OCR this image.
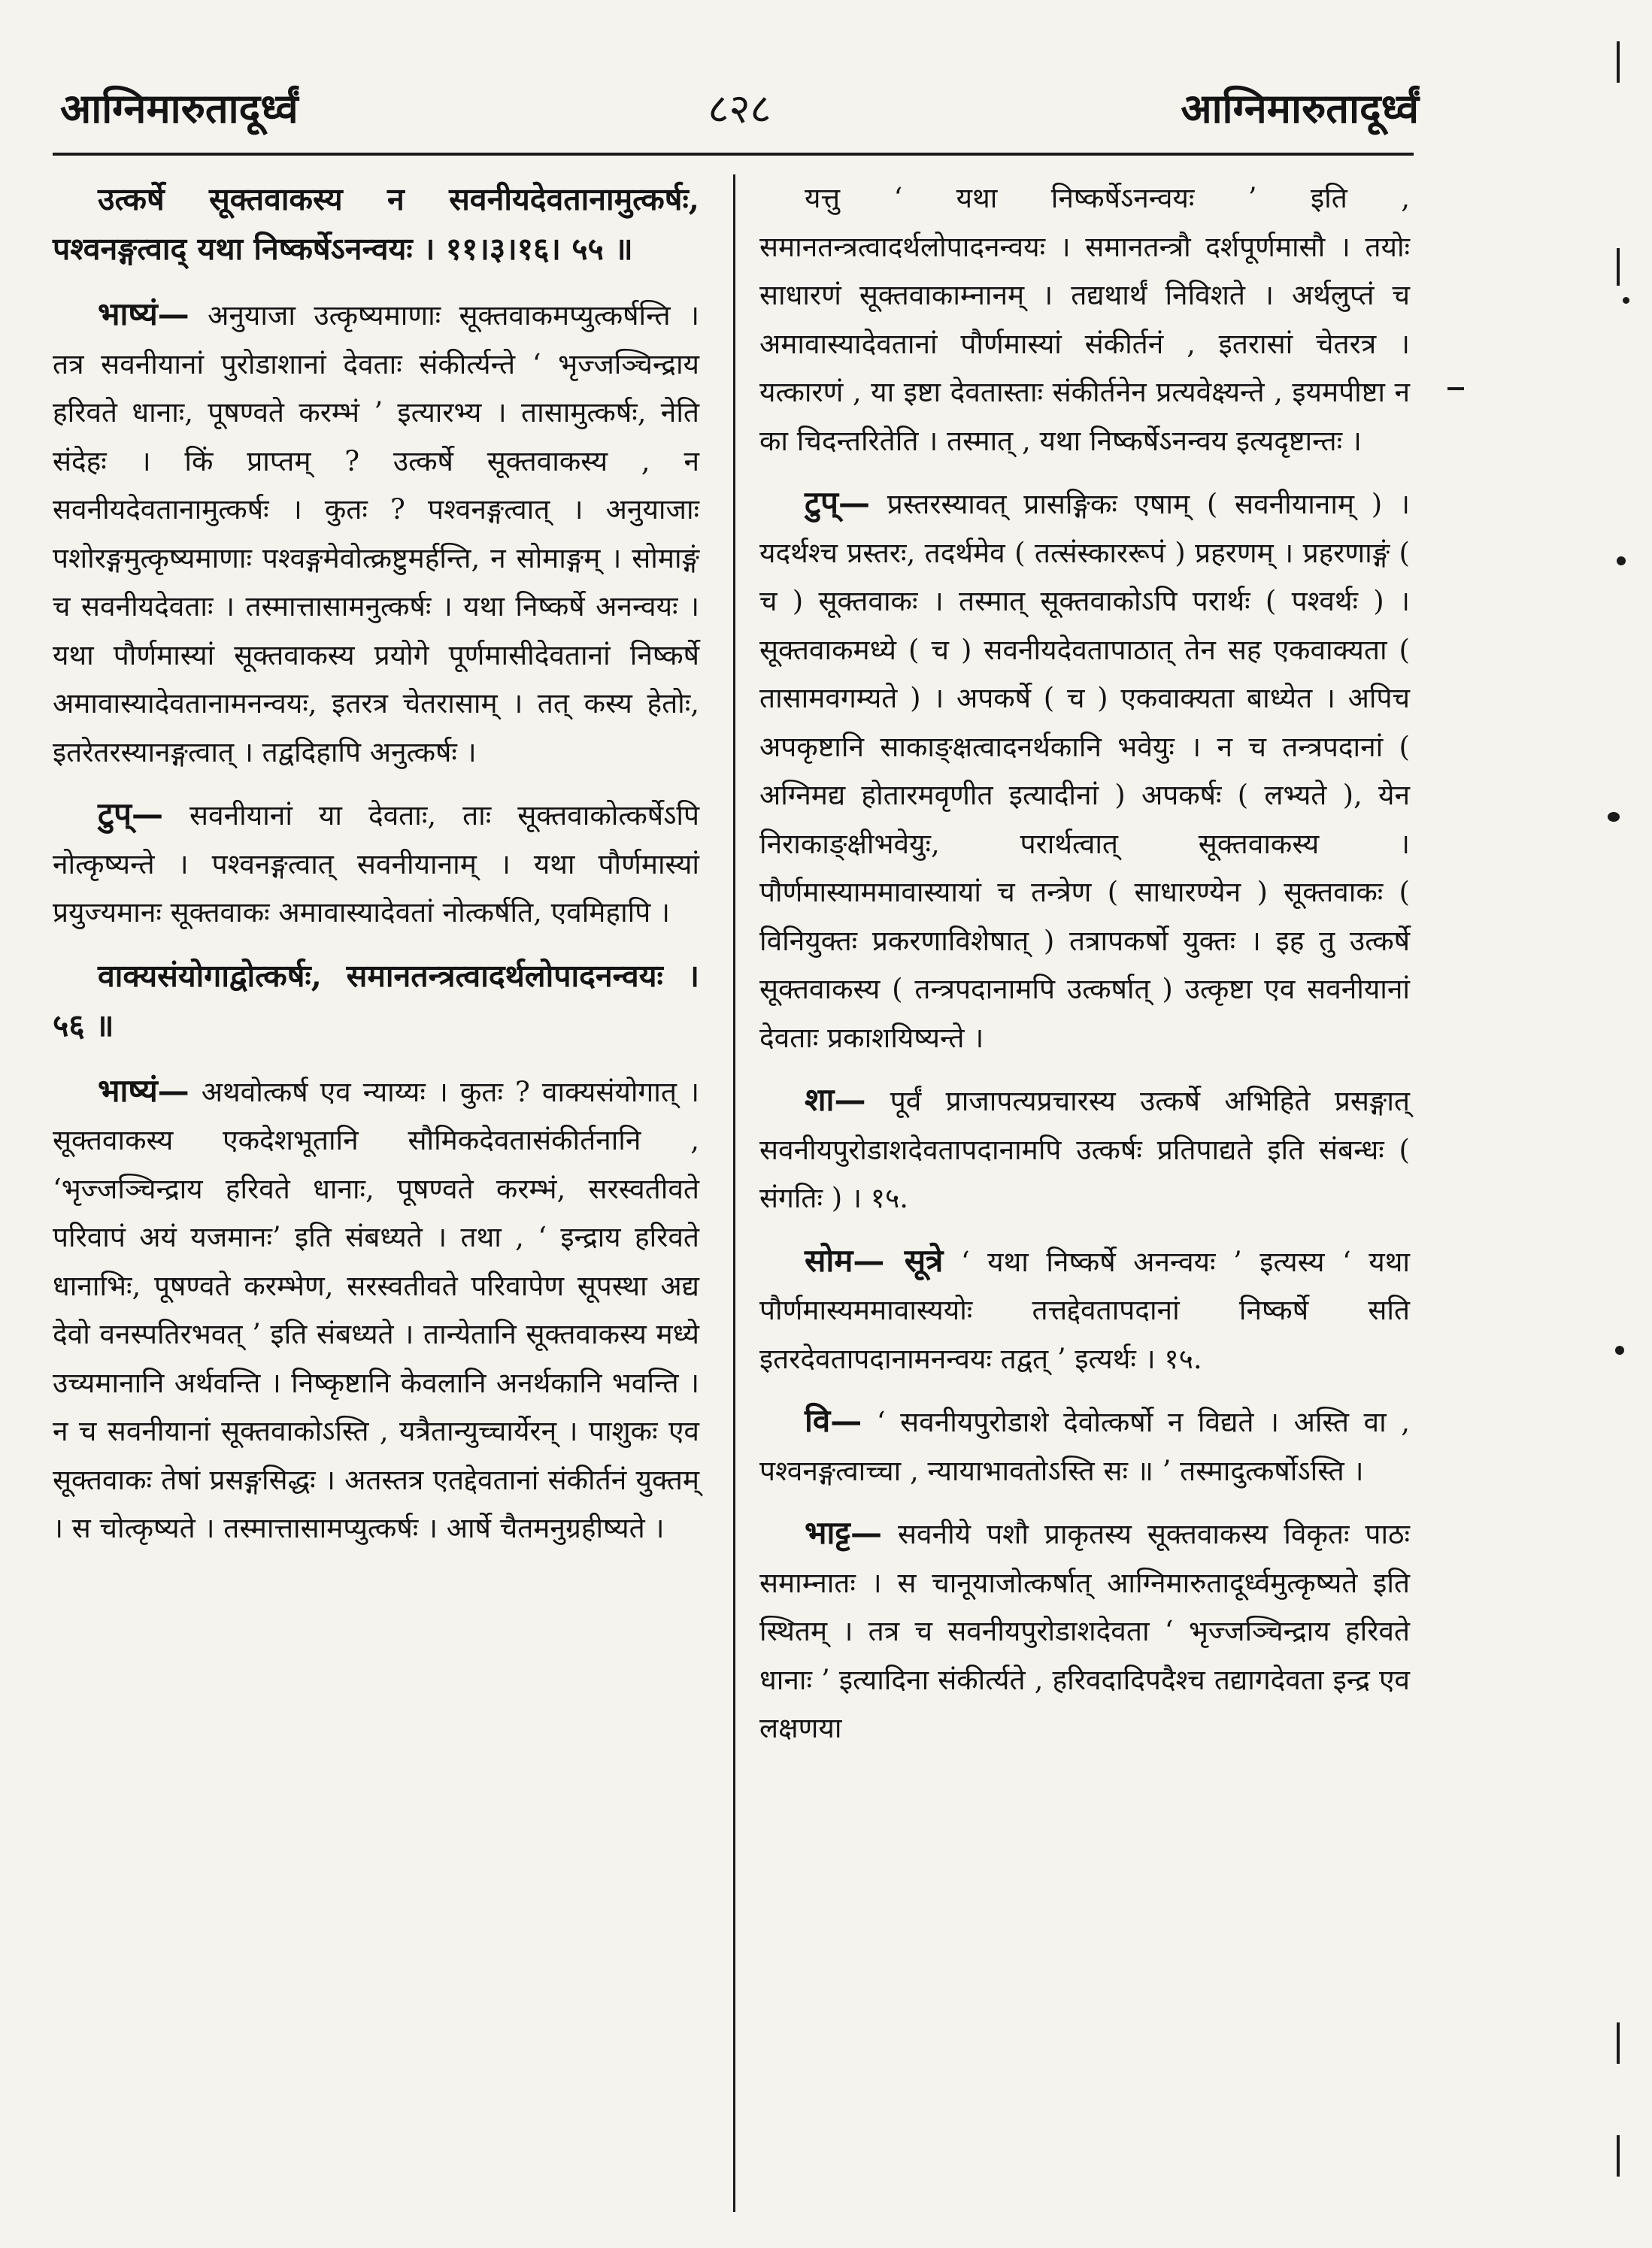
आग्निमारुतादूर्ध्वं	८२८	आग्निमारुतादूर्ध्वं

उत्कर्षे सूक्तवाकस्य न सवनीयदेवतानामुत्कर्षः, पश्वनङ्गत्वाद् यथा निष्कर्षेऽनन्वयः । ११।३।१६। ५५ ॥

भाष्यं— अनुयाजा उत्कृष्यमाणाः सूक्तवाकमप्युत्कर्षन्ति । तत्र सवनीयानां पुरोडाशानां देवताः संकीर्त्यन्ते ‘ भृज्जञ्चिन्द्राय हरिवते धानाः, पूषण्वते करम्भं ’ इत्यारभ्य । तासामुत्कर्षः, नेति संदेहः । किं प्राप्तम् ? उत्कर्षे सूक्तवाकस्य , न सवनीयदेवतानामुत्कर्षः । कुतः ? पश्वनङ्गत्वात् । अनुयाजाः पशोरङ्गमुत्कृष्यमाणाः पश्वङ्गमेवोत्क्रष्टुमर्हन्ति, न सोमाङ्गम् । सोमाङ्गं च सवनीयदेवताः । तस्मात्तासामनुत्कर्षः । यथा निष्कर्षे अनन्वयः । यथा पौर्णमास्यां सूक्तवाकस्य प्रयोगे पूर्णमासीदेवतानां निष्कर्षे अमावास्यादेवतानामनन्वयः, इतरत्र चेतरासाम् । तत् कस्य हेतोः, इतरेतरस्यानङ्गत्वात् । तद्वदिहापि अनुत्कर्षः ।

टुप्— सवनीयानां या देवताः, ताः सूक्तवाकोत्कर्षेऽपि नोत्कृष्यन्ते । पश्वनङ्गत्वात् सवनीयानाम् । यथा पौर्णमास्यां प्रयुज्यमानः सूक्तवाकः अमावास्यादेवतां नोत्कर्षति, एवमिहापि ।

वाक्यसंयोगाद्वोत्कर्षः, समानतन्त्रत्वादर्थलोपादनन्वयः । ५६ ॥

भाष्यं— अथवोत्कर्ष एव न्याय्यः । कुतः ? वाक्यसंयोगात् । सूक्तवाकस्य एकदेशभूतानि सौमिकदेवतासंकीर्तनानि , ‘भृज्जञ्चिन्द्राय हरिवते धानाः, पूषण्वते करम्भं, सरस्वतीवते परिवापं अयं यजमानः’ इति संबध्यते । तथा , ‘ इन्द्राय हरिवते धानाभिः, पूषण्वते करम्भेण, सरस्वतीवते परिवापेण सूपस्था अद्य देवो वनस्पतिरभवत् ’ इति संबध्यते । तान्येतानि सूक्तवाकस्य मध्ये उच्यमानानि अर्थवन्ति । निष्कृष्टानि केवलानि अनर्थकानि भवन्ति । न च सवनीयानां सूक्तवाकोऽस्ति , यत्रैतान्युच्चार्येरन् । पाशुकः एव सूक्तवाकः तेषां प्रसङ्गसिद्धः । अतस्तत्र एतद्देवतानां संकीर्तनं युक्तम् । स चोत्कृष्यते । तस्मात्तासामप्युत्कर्षः । आर्षे चैतमनुग्रहीष्यते ।

यत्तु ‘ यथा निष्कर्षेऽनन्वयः ’ इति , समानतन्त्रत्वादर्थलोपादनन्वयः । समानतन्त्रौ दर्शपूर्णमासौ । तयोः साधारणं सूक्तवाकाम्नानम् । तद्यथार्थं निविशते । अर्थलुप्तं च अमावास्यादेवतानां पौर्णमास्यां संकीर्तनं , इतरासां चेतरत्र । यत्कारणं , या इष्टा देवतास्ताः संकीर्तनेन प्रत्यवेक्ष्यन्ते , इयमपीष्टा न का चिदन्तरितेति । तस्मात् , यथा निष्कर्षेऽनन्वय इत्यदृष्टान्तः ।

टुप्— प्रस्तरस्यावत् प्रासङ्गिकः एषाम् ( सवनीयानाम् ) । यदर्थश्च प्रस्तरः, तदर्थमेव ( तत्संस्काररूपं ) प्रहरणम् । प्रहरणाङ्गं ( च ) सूक्तवाकः । तस्मात् सूक्तवाकोऽपि परार्थः ( पश्वर्थः ) । सूक्तवाकमध्ये ( च ) सवनीयदेवतापाठात् तेन सह एकवाक्यता ( तासामवगम्यते ) । अपकर्षे ( च ) एकवाक्यता बाध्येत । अपिच अपकृष्टानि साकाङ्क्षत्वादनर्थकानि भवेयुः । न च तन्त्रपदानां ( अग्निमद्य होतारमवृणीत इत्यादीनां ) अपकर्षः ( लभ्यते ), येन निराकाङ्क्षीभवेयुः, परार्थत्वात् सूक्तवाकस्य । पौर्णमास्याममावास्यायां च तन्त्रेण ( साधारण्येन ) सूक्तवाकः ( विनियुक्तः प्रकरणाविशेषात् ) तत्रापकर्षो युक्तः । इह तु उत्कर्षे सूक्तवाकस्य ( तन्त्रपदानामपि उत्कर्षात् ) उत्कृष्टा एव सवनीयानां देवताः प्रकाशयिष्यन्ते ।

शा— पूर्वं प्राजापत्यप्रचारस्य उत्कर्षे अभिहिते प्रसङ्गात् सवनीयपुरोडाशदेवतापदानामपि उत्कर्षः प्रतिपाद्यते इति संबन्धः ( संगतिः ) । १५.

सोम— सूत्रे ‘ यथा निष्कर्षे अनन्वयः ’ इत्यस्य ‘ यथा पौर्णमास्यममावास्ययोः तत्तद्देवतापदानां निष्कर्षे सति इतरदेवतापदानामनन्वयः तद्वत् ’ इत्यर्थः । १५.

वि— ‘ सवनीयपुरोडाशे देवोत्कर्षो न विद्यते । अस्ति वा , पश्वनङ्गत्वाच्चा , न्यायाभावतोऽस्ति सः ॥ ’ तस्मादुत्कर्षोऽस्ति ।

भाट्ट— सवनीये पशौ प्राकृतस्य सूक्तवाकस्य विकृतः पाठः समाम्नातः । स चानूयाजोत्कर्षात् आग्निमारुतादूर्ध्वमुत्कृष्यते इति स्थितम् । तत्र च सवनीयपुरोडाशदेवता ‘ भृज्जञ्चिन्द्राय हरिवते धानाः ’ इत्यादिना संकीर्त्यते , हरिवदादिपदैश्च तद्यागदेवता इन्द्र एव लक्षणया
